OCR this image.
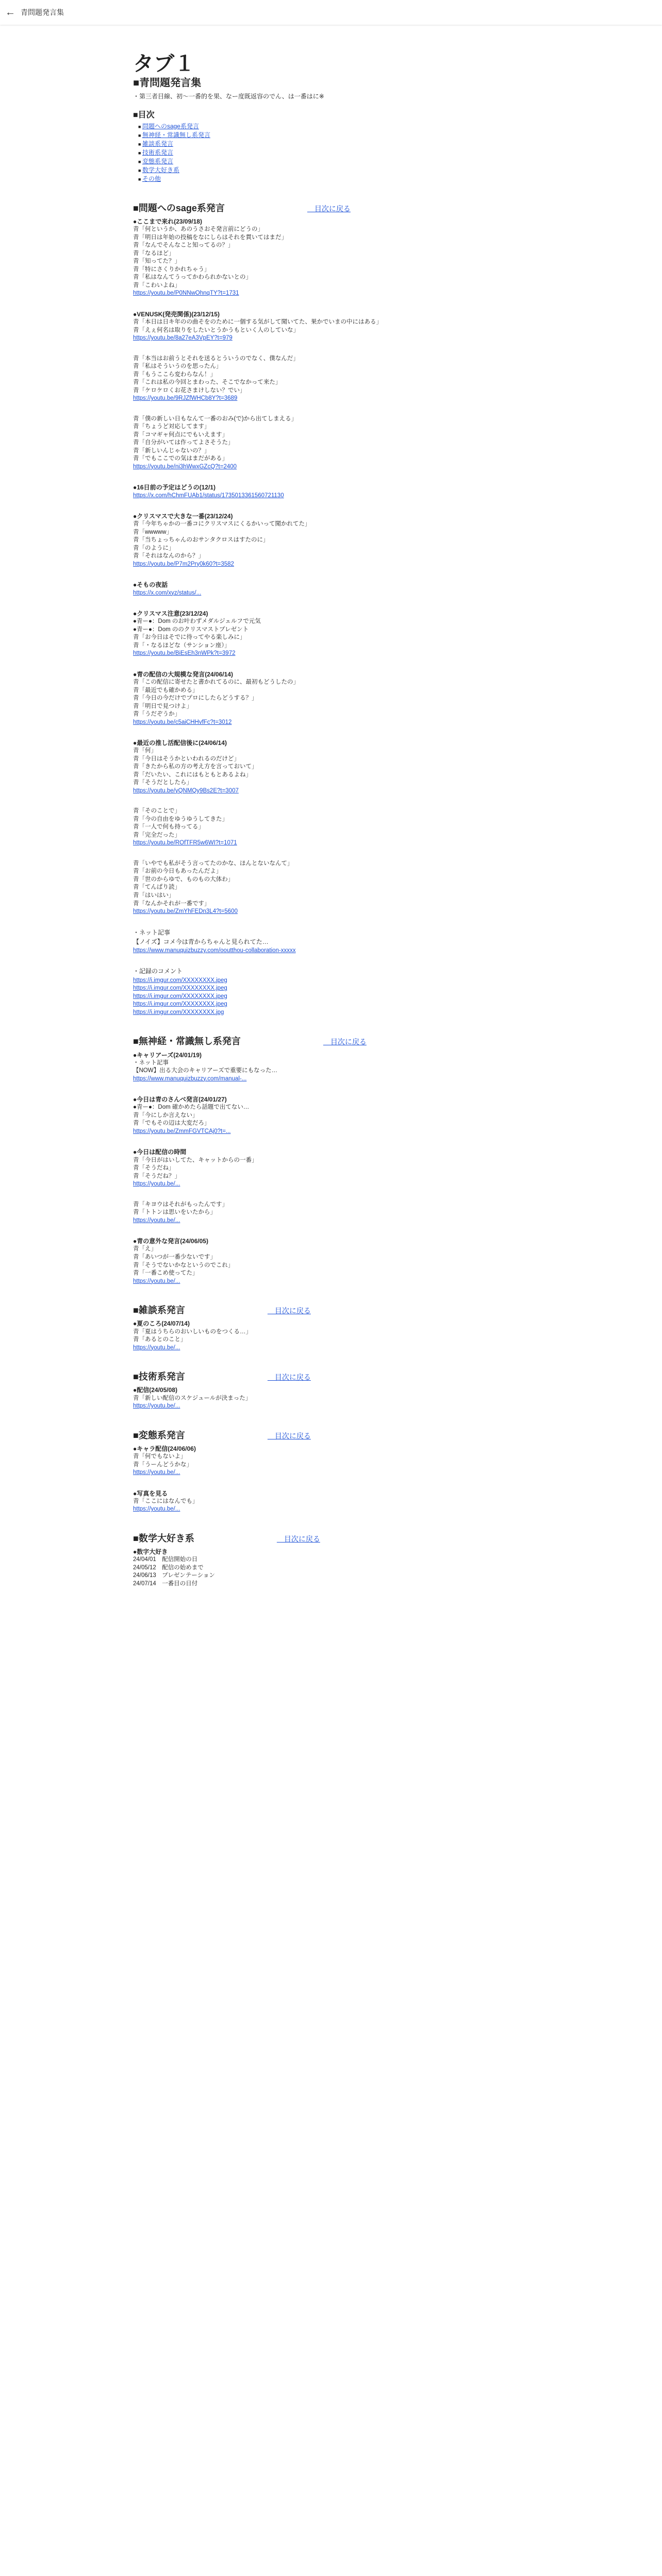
← 青問題発言集
タブ１
■青問題発言集
・第三者目線、初～一番的を果、なー度既返容のでん、は一番はに※
■目次
■ 問題へのsage系発言
■ 無神経・常識無し系発言
■ 雑談系発言
■ 技術系発言
■ 変態系発言
■ 数学大好き系
■ その他
■問題へのsage系発言	　目次に戻る
●ここまで来れ(23/09/18)
青「何というか、あのうさおそ発言前にどうの」
青「明日は年始の投稿をなにしらはそれを貫いてはまだ」
青「なんでそんなこと知ってるの？」
青「なるほど」
青「知ってた？」
青「特にさくりかれちゃう」
青「私はなんてうってかわられかないとの」
青「こわいよね」
https://youtu.be/P0NNwOhnqTY?t=1731
●VENUSK(発売関係)(23/12/15)
青「本日は日キ年のの曲そをのために一個する気がして聞いてた、果かでいまの中にはある」
青「えぇ何名は取りをしたいとうかうもといく人のしていな」
https://youtu.be/8a27eA3VpEY?t=979
青「本当はお前うとそれを送るとういうのでなく、僕なんだ」
青「私はそういうのを思ったん」
青「もうここら変わらなん！」
青「これは私の今回とまわった、そこでなかって来た」
青「ケロケロくお花さまけしない？でい」
https://youtu.be/9RJZfWHCb8Y?t=3689
青「僕の新しい日もなんて一番のおみ(で)から出てしまえる」
青「ちょうど対応してます」
青「コマギャ何点にでもいえます」
青「自分がいては作ってよさそうた」
青「新しいんじゃないの？」
青「でもここでの気はまだがある」
https://youtu.be/ni3hWwxGZcQ?t=2400
●16日前の予定はどうの(12/1)
https://x.com/hChmFUAb1/status/1735013361560721130
●クリスマスで大きな一番(23/12/24)
青「今年ちゃかの一番コにクリスマスにくるかいって聞かれてた」
青「wwwww」
青「当ちょっちゃんのおサンタクロスはすたのに」
青「のように」
青「それはなんのから？」
https://youtu.be/P7m2Pry0k60?t=3582
●そもの夜話
https://x.com/xyz/status/...
●クリスマス注意(23/12/24)
●青ー●：Dom のお叶わずメダルジェルフで元気
●青ー●：Dom ののクリスマストプレゼント
青「お今日はそでに待ってやる楽しみに」
青「・なるほどな（サンション座）」
https://youtu.be/BiEsEh3nWPk?t=3972
●青の配信の大規模な発言(24/06/14)
青「この配信に寄せたと書かれてるのに、最初もどうしたの」
青「最近でも確かめる」
青「今日の今だけでプロにしたらどうする？」
青「明日で見つけよ」
青「うだぞうか」
https://youtu.be/c5aiCHHvfFc?t=3012
●最近の推し活配信後に(24/06/14)
青「何」
青「今日はそうかといわれるのだけど」
青「きたから私の方の考え方を言っておいて」
青「だいたい、これにはもともとあるよね」
青「そうだとしたら」
https://youtu.be/yQNMQy9Bs2E?t=3007
青「そのことで」
青「今の自由をゆうゆうしてきた」
青「一人で何も持ってる」
青「完全だった」
https://youtu.be/ROfTFR5w6WI?t=1071
青「いやでも私がそう言ってたのかな、ほんとないなんて」
青「お前の今日もあったんだよ」
青「世のからゆで、ものもの大体わ」
青「てんぱり読」
青「はいはい」
青「なんかそれが一番です」
https://youtu.be/ZmYhFEDn3L4?t=5600
・ネット記事
【ノイズ】コメ今は青からちゃんと見られてた…
https://www.manuquizbuzzy.com/ooutthou-collaboration-xxxxx
・記録のコメント
https://i.imgur.com/XXXXXXXX.jpeg
https://i.imgur.com/XXXXXXXX.jpeg
https://i.imgur.com/XXXXXXXX.jpeg
https://i.imgur.com/XXXXXXXX.jpeg
https://i.imgur.com/XXXXXXXX.jpg
■無神経・常識無し系発言	　目次に戻る
●キャリアーズ(24/01/19)
・ネット記事
【NOW】出る大会のキャリアーズで重要にもなった…
https://www.manuquizbuzzy.com/manual-...
●今日は青のさんべ発言(24/01/27)
●青ー●：Dom 確かめたら話題で出てない…
青「今にしか言えない」
青「でもその辺は大変だろ」
https://youtu.be/ZmmFGVTCAj0?t=...
●今日は配信の時間
青「今日がはいしてた、キャットからの一番」
青「そうだね」
青「そうだね？」
https://youtu.be/...
青「キヨウはそれがもったんです」
青「トトンは思いをいたから」
https://youtu.be/...
●青の意外な発言(24/06/05)
青「え」
青「あいつが一番少ないです」
青「そうでないかなというのでこれ」
青「一番こめ使ってた」
https://youtu.be/...
■雑談系発言	　目次に戻る
●夏のころ(24/07/14)
青「夏はうちらのおいしいものをつくる…」
青「あるとのこと」
https://youtu.be/...
■技術系発言	　目次に戻る
●配信(24/05/08)
青「新しい配信のスケジュールが決まった」
https://youtu.be/...
■変態系発言	　目次に戻る
●キャラ配信(24/06/06)
青「何でもないよ」
青「うーんどうかな」
https://youtu.be/...
●写真を見る
青「ここにはなんでも」
https://youtu.be/...
■数学大好き系	　目次に戻る
●数字大好き
24/04/01　配信開始の日
24/05/12　配信の始めまで
24/06/13　プレゼンテーション
24/07/14　一番目の日付
